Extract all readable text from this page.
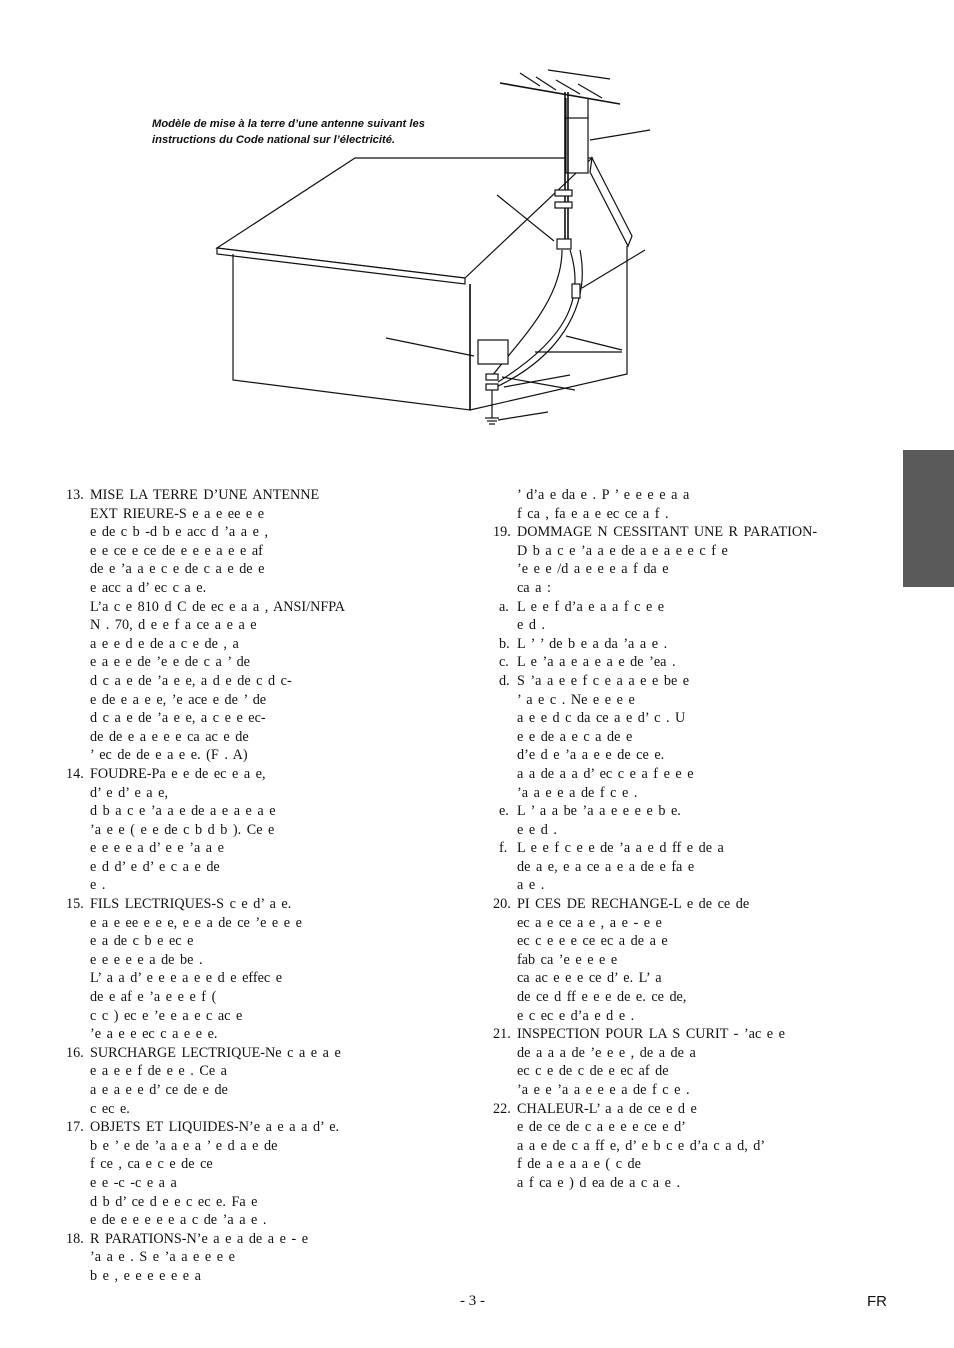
Modèle de mise à la terre d’une antenne suivant les
instructions du Code national sur l’électricité.
13. MISE LA TERRE D’UNE ANTENNE

EXT RIEURE-S e a e ee e e

e de c b -d b e acc d ’a a e ,

e e ce e ce de e e e a e e af

de e ’a a e c e de c a e de e

e acc a d’ ec c a e.

L’a c e 810 d C de ec e a a , ANSI/NFPA

N . 70, d e e f a ce a e a e

a e e d e de a c e de , a

e a e e de ’e e de c a ’ de

d c a e de ’a e e, a d e de c d c-

e de e a e e, ’e ace e de ’ de

d c a e de ’a e e, a c e e ec-

de de e a e e e ca ac e de

’ ec de de e a e e. (F . A)

14. FOUDRE-Pa e e de ec e a e,

d’ e d’ e a e,

d b a c e ’a a e de a e a e a e

’a e e ( e e de c b d b ). Ce e

e e e e a d’ e e ’a a e

e d d’ e d’ e c a e de

e .

15. FILS LECTRIQUES-S c e d’ a e.

e a e ee e e e, e e a de ce ’e e e e

e a de c b e ec e

e e e e e a de be .

L’ a a d’ e e e a e e d e effec e

de e af e ’a e e e f (

c c ) ec e ’e e a e c ac e

’e a e e ec c a e e e.

16. SURCHARGE LECTRIQUE-Ne c a e a e

e a e e f de e e . Ce a

a e a e e d’ ce de e de

c ec e.

17. OBJETS ET LIQUIDES-N’e a e a a d’ e.

b e ’ e de ’a a e a ’ e d a e de

f ce , ca e c e de ce

e e -c -c e a a

d b d’ ce d e e c ec e. Fa e

e de e e e e e a c de ’a a e .

18. R PARATIONS-N’e a e a de a e - e

’a a e . S e ’a a e e e e

b e , e e e e e e a

’ d’a e da e . P ’ e e e e a a

f ca , fa e a e ec ce a f .

19. DOMMAGE N CESSITANT UNE R PARATION-

D b a c e ’a a e de a e a e e c f e

’e e e /d a e e e a f da e

ca a :

a. L e e f d’a e a a f c e e

e d .

b. L ’ ’ de b e a da ’a a e .

c. L e ’a a e a e a e de ’ea .

d. S ’a a e e f c e a a e e be e

’ a e c . Ne e e e e

a e e d c da ce a e d’ c . U

e e de a e c a de e

d’e d e ’a a e e de ce e.

a a de a a d’ ec c e a f e e e

’a a e e a de f c e .

e. L ’ a a be ’a a e e e e b e.

e e d .

f. L e e f c e e de ’a a e d ff e de a

de a e, e a ce a e a de e fa e

a e .

20. PI CES DE RECHANGE-L e de ce de

ec a e ce a e , a e - e e

ec c e e e ce ec a de a e

fab ca ’e e e e e

ca ac e e e ce d’ e. L’ a

de ce d ff e e e de e. ce de,

e c ec e d’a e d e .

21. INSPECTION POUR LA S CURIT - ’ac e e

de a a a de ’e e e , de a de a

ec c e de c de e ec af de

’a e e ’a a e e e a de f c e .

22. CHALEUR-L’ a a de ce e d e

e de ce de c a e e e ce e d’

a a e de c a ff e, d’ e b c e d’a c a d, d’

f de a e a a e ( c de

a f ca e ) d ea de a c a e .

- 3 -	FR
